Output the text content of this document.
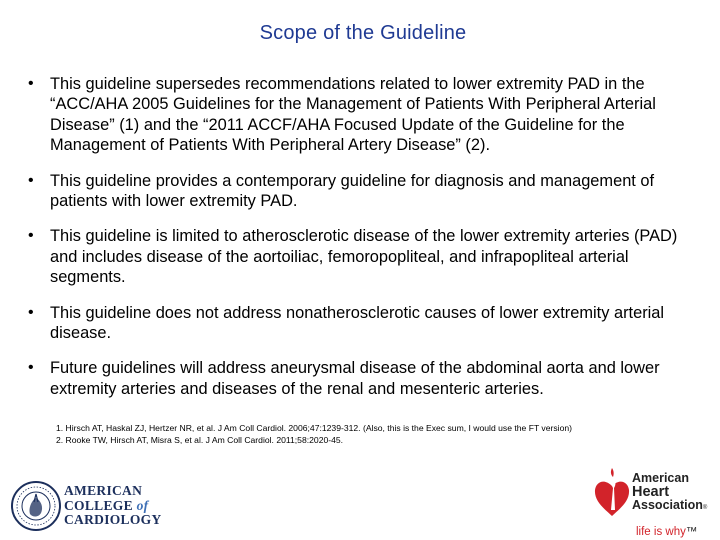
Scope of the Guideline
• This guideline supersedes recommendations related to lower extremity PAD in the “ACC/AHA 2005 Guidelines for the Management of Patients With Peripheral Arterial Disease” (1) and the “2011 ACCF/AHA Focused Update of the Guideline for the Management of Patients With Peripheral Artery Disease” (2).
• This guideline provides a contemporary guideline for diagnosis and management of patients with lower extremity PAD.
• This guideline is limited to atherosclerotic disease of the lower extremity arteries (PAD) and includes disease of the aortoiliac, femoropopliteal, and infrapopliteal arterial segments.
• This guideline does not address nonatherosclerotic causes of lower extremity arterial disease.
• Future guidelines will address aneurysmal disease of the abdominal aorta and lower extremity arteries and diseases of the renal and mesenteric arteries.
1. Hirsch AT, Haskal ZJ, Hertzer NR, et al. J Am Coll Cardiol. 2006;47:1239-312. (Also, this is the Exec sum, I would use the FT version)
2. Rooke TW, Hirsch AT, Misra S, et al. J Am Coll Cardiol. 2011;58:2020-45.
AMERICAN
COLLEGE of
CARDIOLOGY
American
Heart
Association®
life is why™
